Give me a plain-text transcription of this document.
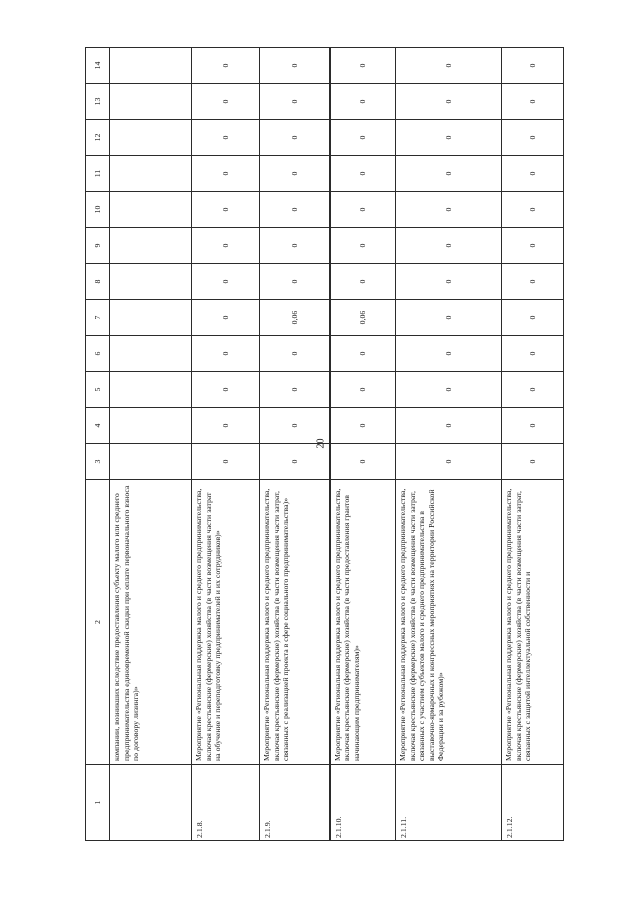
20
1	2	3	4	5	6	7	8	9	10	11	12	13	14
	компании, возникших вследствие предоставления субъекту малого или среднего предпринимательства единовременной скидки при оплате первоначального взноса по договору лизинга)»												
2.1.8.	Мероприятие «Региональная поддержка малого и среднего предпринимательства, включая крестьянские (фермерские) хозяйства (в части возмещения части затрат на обучение и переподготовку предпринимателей и их сотрудников)»	0	0	0	0	0	0	0	0	0	0	0	0
2.1.9.	Мероприятие «Региональная поддержка малого и среднего предпринимательства, включая крестьянские (фермерские) хозяйства (в части возмещения части затрат, связанных с реализацией проекта в сфере социального предпринимательства)»	0	0	0	0	0,06	0	0	0	0	0	0	0
2.1.10.	Мероприятие «Региональная поддержка малого и среднего предпринимательства, включая крестьянские (фермерские) хозяйства (в части предоставления грантов начинающим предпринимателям)»	0	0	0	0	0,06	0	0	0	0	0	0	0
2.1.11.	Мероприятие «Региональная поддержка малого и среднего предпринимательства, включая крестьянские (фермерские) хозяйства (в части возмещения части затрат, связанных с участием субъектов малого и среднего предпринимательства в выставочно-ярмарочных и конгрессных мероприятиях на территории Российской Федерации и за рубежом)»	0	0	0	0	0	0	0	0	0	0	0	0
2.1.12.	Мероприятие «Региональная поддержка малого и среднего предпринимательства, включая крестьянские (фермерские) хозяйства (в части возмещения части затрат, связанных с защитой интеллектуальной собственности и	0	0	0	0	0	0	0	0	0	0	0	0
